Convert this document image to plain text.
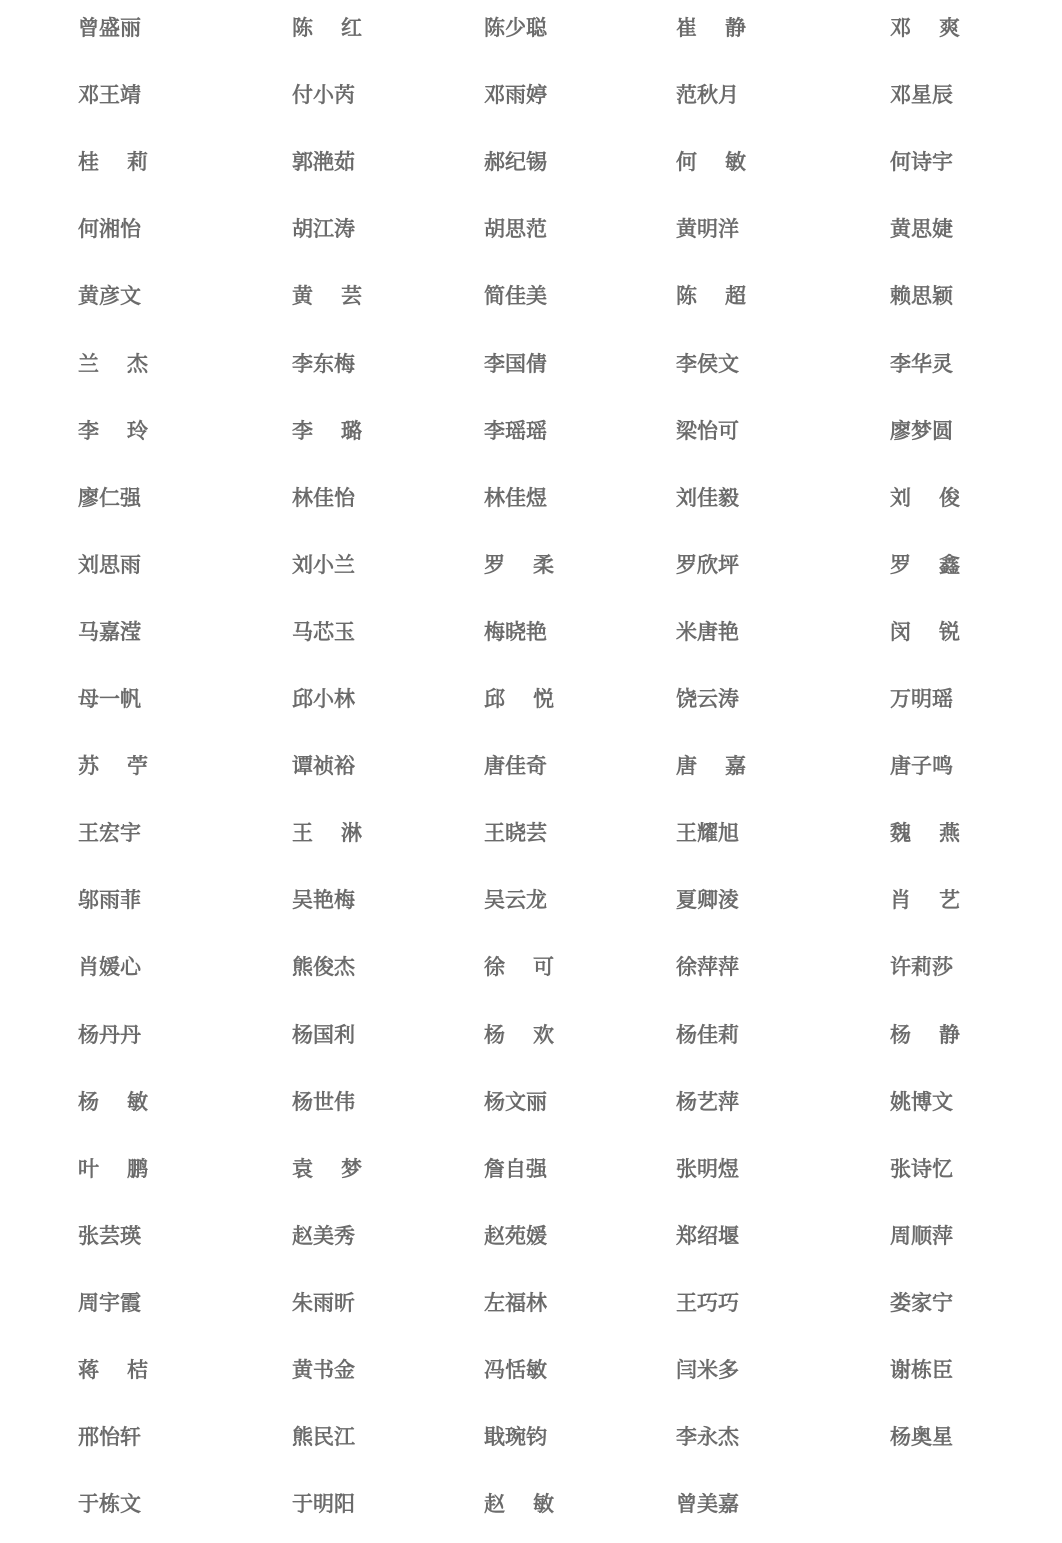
曾盛丽	陈 红	陈少聪	崔 静	邓 爽
邓王靖	付小芮	邓雨婷	范秋月	邓星辰
桂 莉	郭滟茹	郝纪锡	何 敏	何诗宇
何湘怡	胡江涛	胡思范	黄明洋	黄思婕
黄彦文	黄 芸	简佳美	陈 超	赖思颖
兰 杰	李东梅	李国倩	李侯文	李华灵
李 玲	李 璐	李瑶瑶	梁怡可	廖梦圆
廖仁强	林佳怡	林佳煜	刘佳毅	刘 俊
刘思雨	刘小兰	罗 柔	罗欣坪	罗 鑫
马嘉滢	马芯玉	梅晓艳	米唐艳	闵 锐
母一帆	邱小林	邱 悦	饶云涛	万明瑶
苏 苧	谭祯裕	唐佳奇	唐 嘉	唐子鸣
王宏宇	王 淋	王晓芸	王耀旭	魏 燕
邬雨菲	吴艳梅	吴云龙	夏卿淩	肖 艺
肖媛心	熊俊杰	徐 可	徐萍萍	许莉莎
杨丹丹	杨国利	杨 欢	杨佳莉	杨 静
杨 敏	杨世伟	杨文丽	杨艺萍	姚博文
叶 鹏	袁 梦	詹自强	张明煜	张诗忆
张芸瑛	赵美秀	赵苑媛	郑绍堰	周顺萍
周宇霞	朱雨昕	左福林	王巧巧	娄家宁
蒋 桔	黄书金	冯恬敏	闫米多	谢栋臣
邢怡轩	熊民江	戢琬钧	李永杰	杨奥星
于栋文	于明阳	赵 敏	曾美嘉
